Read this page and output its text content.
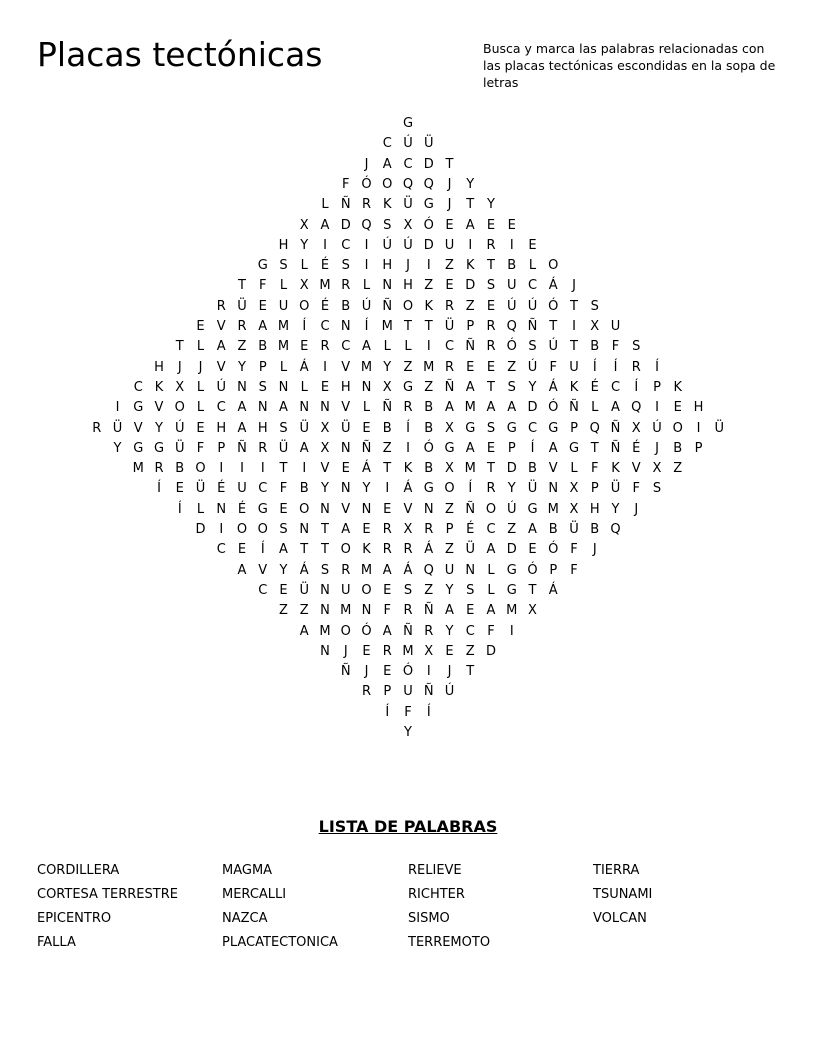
Placas tectónicas	Busca y marca las palabras relacionadas con las placas tectónicas escondidas en la sopa de letras

G
C Ú Ü
J	A C D T
F Ó O Q Q	J	Y
L Ñ R K Ü G	J	T Y
X A D Q S X Ó E A E E
H Y	I	C	I	Ú Ú D U	I	R	I	E
G S	L	É S	I	H	J	I	Z K T B L O
T	F	L X M R L N H Z E D S U C Á	J
R Ü E U O É B Ú Ñ O K R Z E Ú Ú Ó T S
E V R A M	Í	C N	Í	M T T Ü P R Q Ñ T	I	X U
T	L A Z B M E R C A L	L	I	C Ñ R Ó S Ú T B F S
H	J	J	V Y P	L Á	I	V M Y Z M R E E Z Ú F U	Í	Í	R	Í
C K X L Ú N S N L	E H N X G Z Ñ A T S Y Á K É C	Í	P K
I	G V O L C A N A N N V L Ñ R B A M A A D Ó Ñ L A Q	I	E H
R Ü V Y Ú E H A H S Ü X Ü E B	Í	B X G S G C G P Q Ñ X Ú O	I	Ü
Y G G Ü F	P Ñ R Ü A X N Ñ Z	I	Ó G A E P	Í	A G T Ñ É	J	B P
M R B O	I	I	I	T	I	V E Á T K B X M T D B V L	F K V X Z
Í	E Ü É U C F B Y N Y	I	Á G O	Í	R Y Ü N X P Ü F S
Í	L N É G E O N V N E V N Z Ñ O Ú G M X H Y	J
D	I	O O S N T A E R X R P É C Z A B Ü B Q
C E	Í	A T T O K R R Á Z Ü A D E Ó F	J
A V Y Á S R M A Á Q U N L G Ó P	F
C E Ü N U O E S Z Y S	L G T Á
Z Z N M N F R Ñ A E A M X
A M O Ó A Ñ R Y C F	I
N	J	E R M X E Z D
Ñ	J	E Ó	I	J	T
R P U Ñ Ú
Í	F	Í
Y
LISTA DE PALABRAS
CORDILLERA
CORTESA TERRESTRE
EPICENTRO
FALLA
MAGMA
MERCALLI
NAZCA
PLACATECTONICA
RELIEVE
RICHTER
SISMO
TERREMOTO
TIERRA
TSUNAMI
VOLCAN
